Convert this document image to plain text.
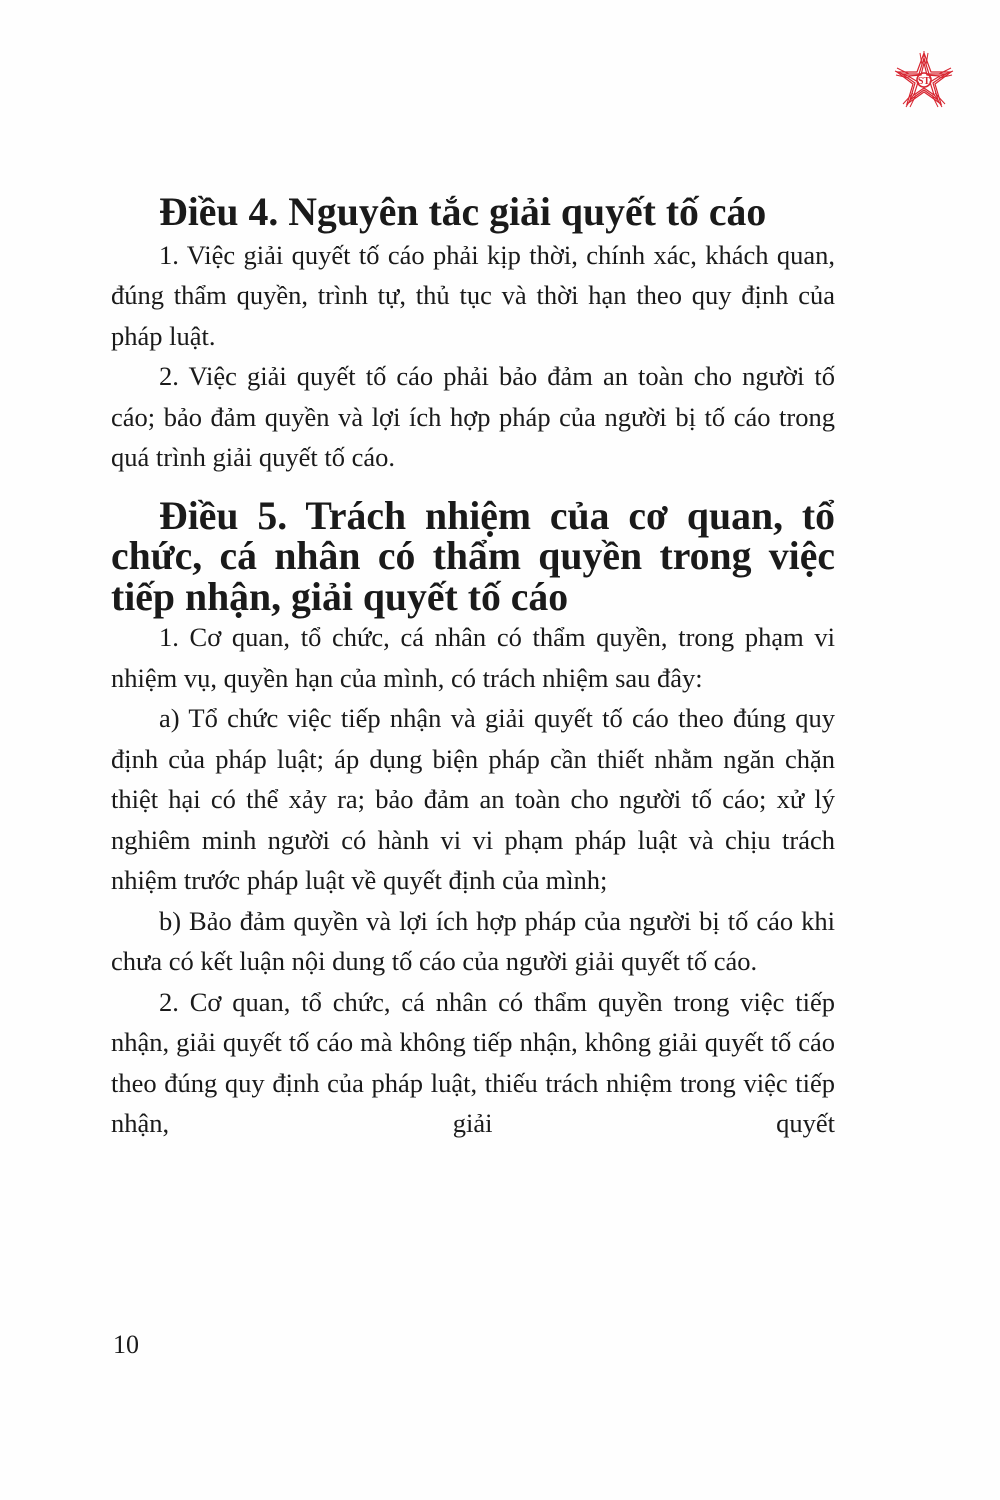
ST
Điều 4. Nguyên tắc giải quyết tố cáo

1. Việc giải quyết tố cáo phải kịp thời, chính xác, khách quan, đúng thẩm quyền, trình tự, thủ tục và thời hạn theo quy định của pháp luật.

2. Việc giải quyết tố cáo phải bảo đảm an toàn cho người tố cáo; bảo đảm quyền và lợi ích hợp pháp của người bị tố cáo trong quá trình giải quyết tố cáo.

Điều 5. Trách nhiệm của cơ quan, tổ chức, cá nhân có thẩm quyền trong việc tiếp nhận, giải quyết tố cáo

1. Cơ quan, tổ chức, cá nhân có thẩm quyền, trong phạm vi nhiệm vụ, quyền hạn của mình, có trách nhiệm sau đây:

a) Tổ chức việc tiếp nhận và giải quyết tố cáo theo đúng quy định của pháp luật; áp dụng biện pháp cần thiết nhằm ngăn chặn thiệt hại có thể xảy ra; bảo đảm an toàn cho người tố cáo; xử lý nghiêm minh người có hành vi vi phạm pháp luật và chịu trách nhiệm trước pháp luật về quyết định của mình;

b) Bảo đảm quyền và lợi ích hợp pháp của người bị tố cáo khi chưa có kết luận nội dung tố cáo của người giải quyết tố cáo.

2. Cơ quan, tổ chức, cá nhân có thẩm quyền trong việc tiếp nhận, giải quyết tố cáo mà không tiếp nhận, không giải quyết tố cáo theo đúng quy định của pháp luật, thiếu trách nhiệm trong việc tiếp nhận, giải quyết

10
